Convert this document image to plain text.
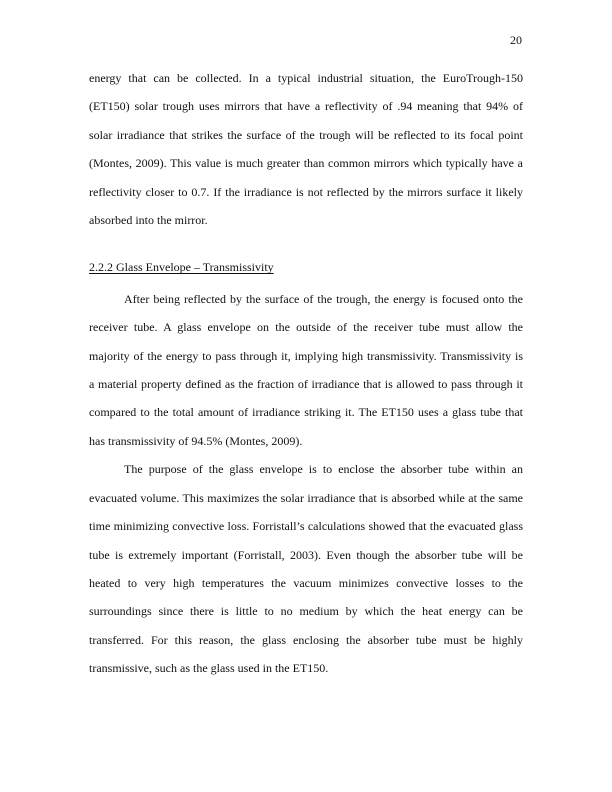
20
energy that can be collected. In a typical industrial situation, the EuroTrough-150
(ET150) solar trough uses mirrors that have a reflectivity of .94 meaning that 94% of
solar irradiance that strikes the surface of the trough will be reflected to its focal point
(Montes, 2009). This value is much greater than common mirrors which typically have a
reflectivity closer to 0.7. If the irradiance is not reflected by the mirrors surface it likely
absorbed into the mirror.
2.2.2 Glass Envelope – Transmissivity
After being reflected by the surface of the trough, the energy is focused onto the
receiver tube. A glass envelope on the outside of the receiver tube must allow the
majority of the energy to pass through it, implying high transmissivity. Transmissivity is
a material property defined as the fraction of irradiance that is allowed to pass through it
compared to the total amount of irradiance striking it. The ET150 uses a glass tube that
has transmissivity of 94.5% (Montes, 2009).
The purpose of the glass envelope is to enclose the absorber tube within an
evacuated volume. This maximizes the solar irradiance that is absorbed while at the same
time minimizing convective loss. Forristall’s calculations showed that the evacuated glass
tube is extremely important (Forristall, 2003). Even though the absorber tube will be
heated to very high temperatures the vacuum minimizes convective losses to the
surroundings since there is little to no medium by which the heat energy can be
transferred. For this reason, the glass enclosing the absorber tube must be highly
transmissive, such as the glass used in the ET150.
